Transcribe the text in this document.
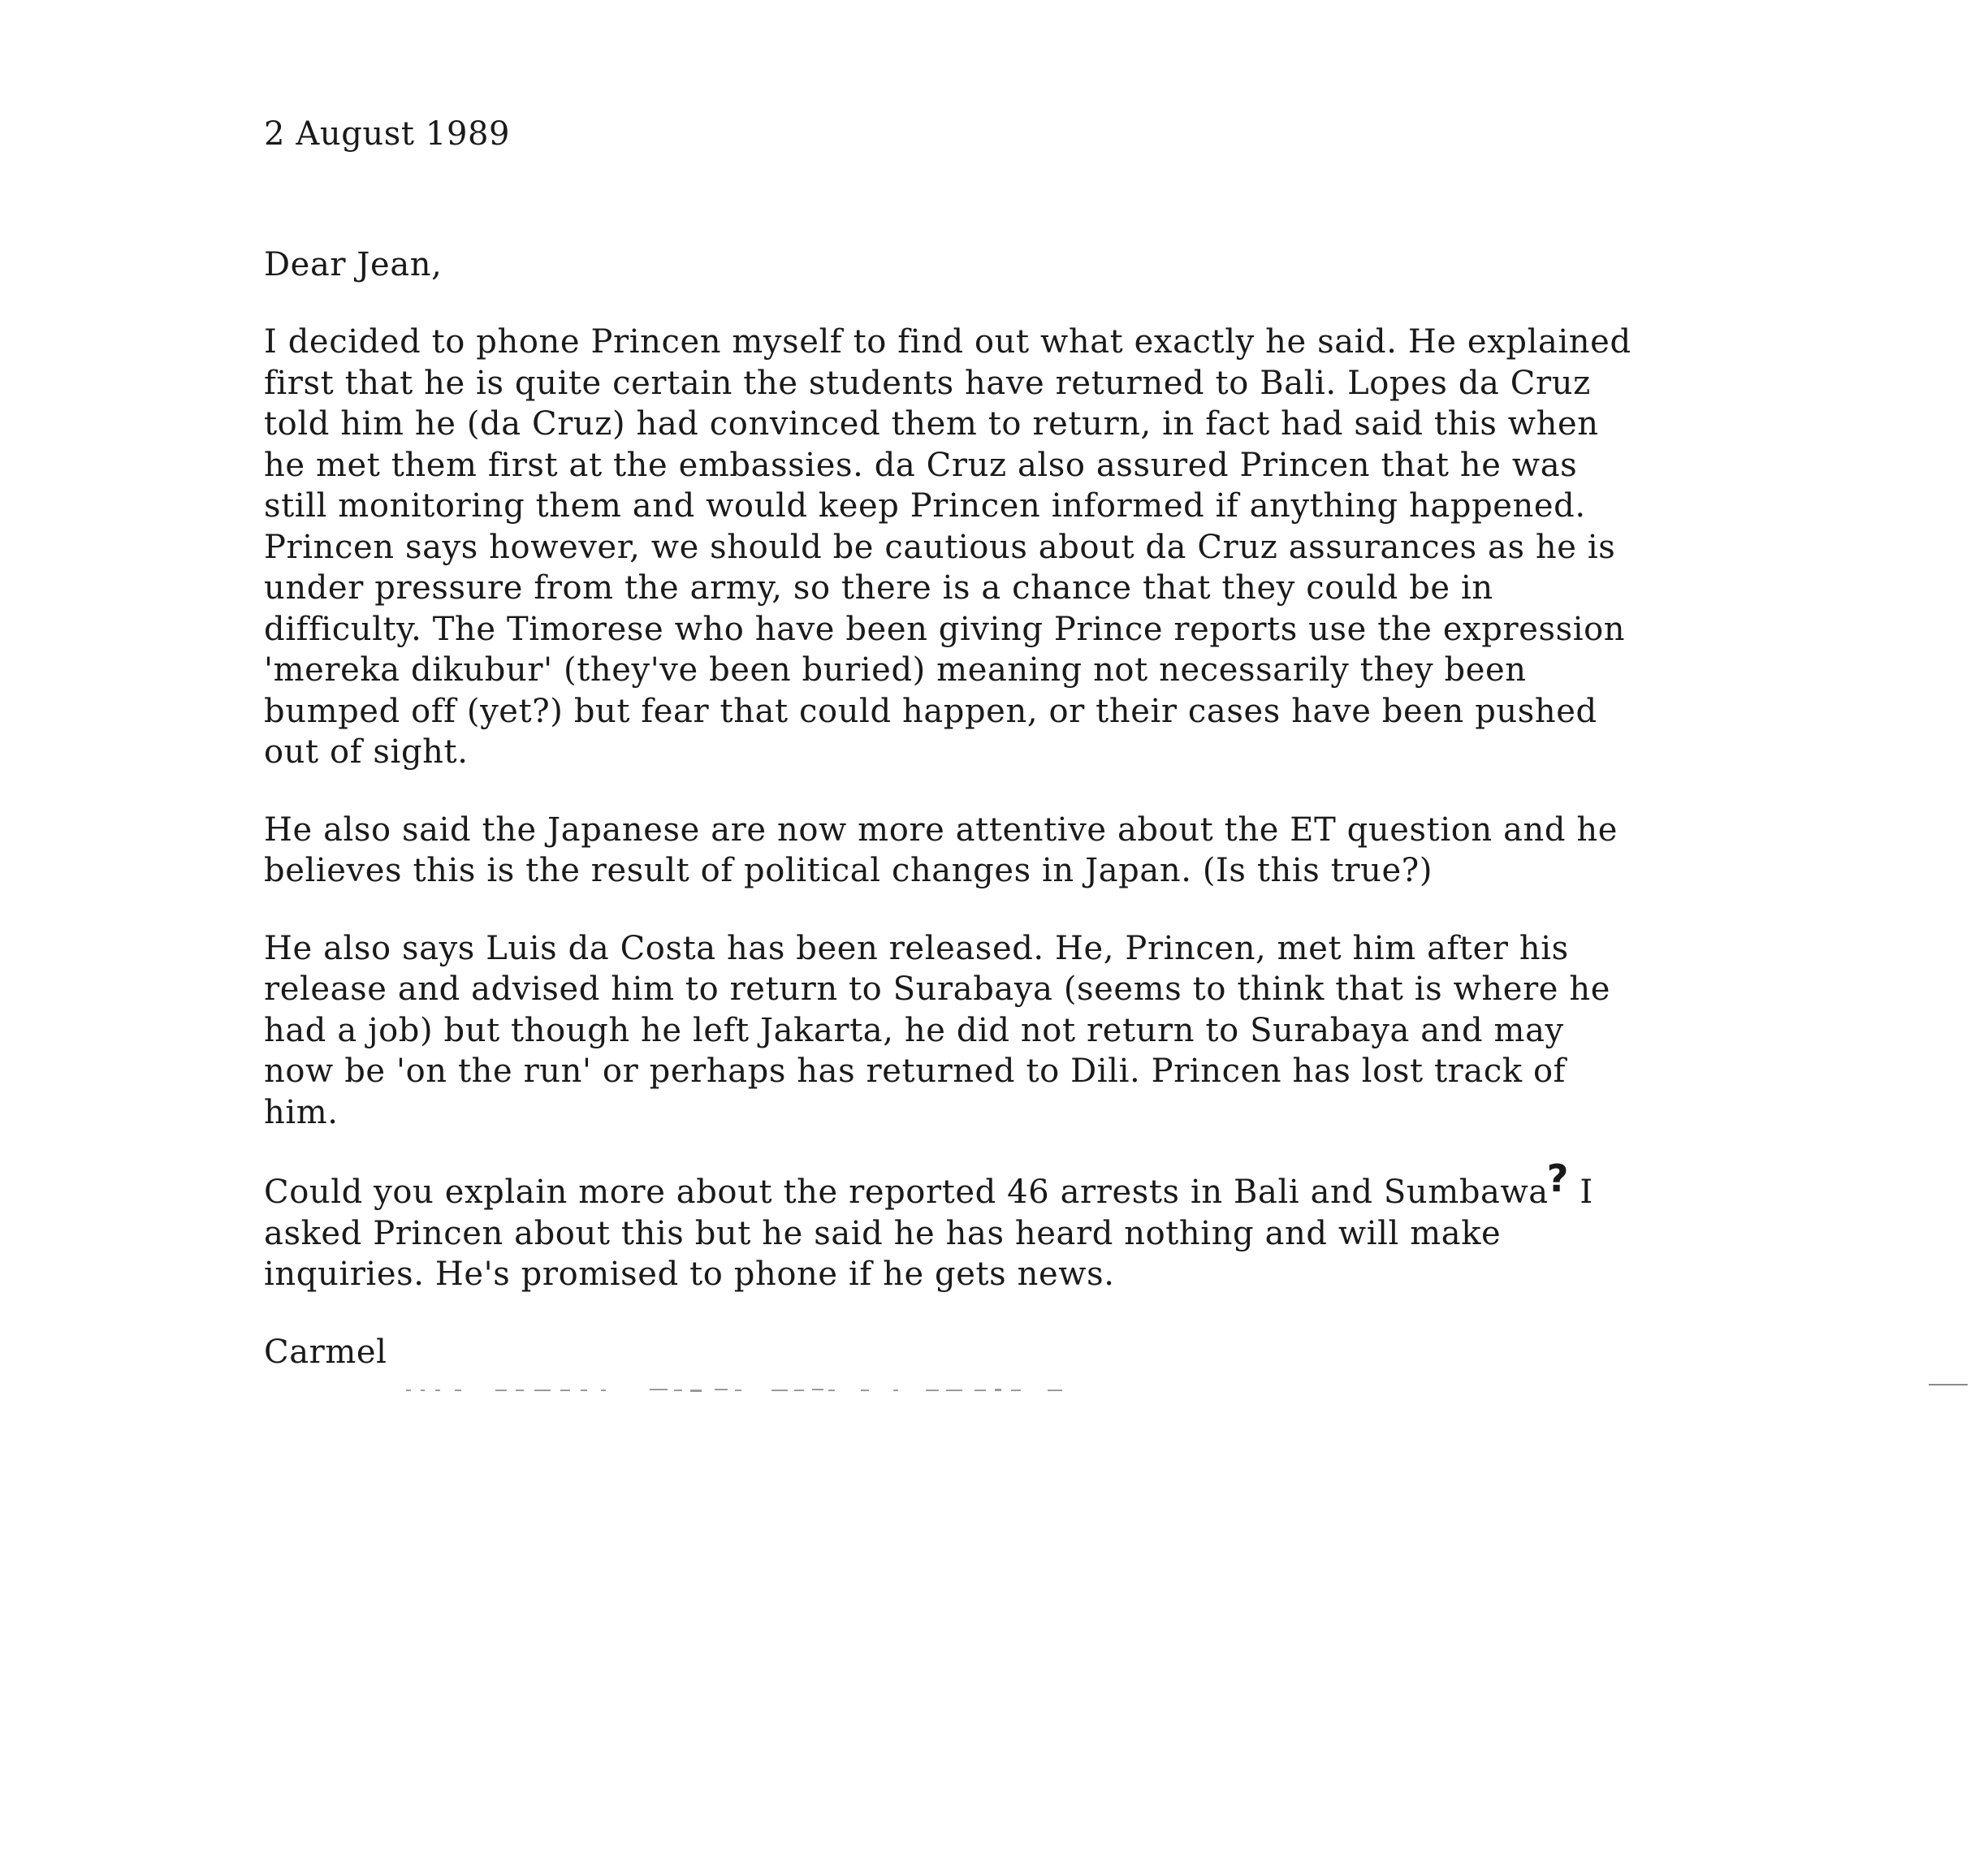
2 August 1989

Dear Jean,

I decided to phone Princen myself to find out what exactly he said. He explained
first that he is quite certain the students have returned to Bali. Lopes da Cruz
told him he (da Cruz) had convinced them to return, in fact had said this when
he met them first at the embassies. da Cruz also assured Princen that he was
still monitoring them and would keep Princen informed if anything happened.
Princen says however, we should be cautious about da Cruz assurances as he is
under pressure from the army, so there is a chance that they could be in
difficulty. The Timorese who have been giving Prince reports use the expression
'mereka dikubur' (they've been buried) meaning not necessarily they been
bumped off (yet?) but fear that could happen, or their cases have been pushed
out of sight.
He also said the Japanese are now more attentive about the ET question and he
believes this is the result of political changes in Japan. (Is this true?)
He also says Luis da Costa has been released. He, Princen, met him after his
release and advised him to return to Surabaya (seems to think that is where he
had a job) but though he left Jakarta, he did not return to Surabaya and may
now be 'on the run' or perhaps has returned to Dili. Princen has lost track of
him.
Could you explain more about the reported 46 arrests in Bali and Sumbawa? I
asked Princen about this but he said he has heard nothing and will make
inquiries. He's promised to phone if he gets news.

Carmel
